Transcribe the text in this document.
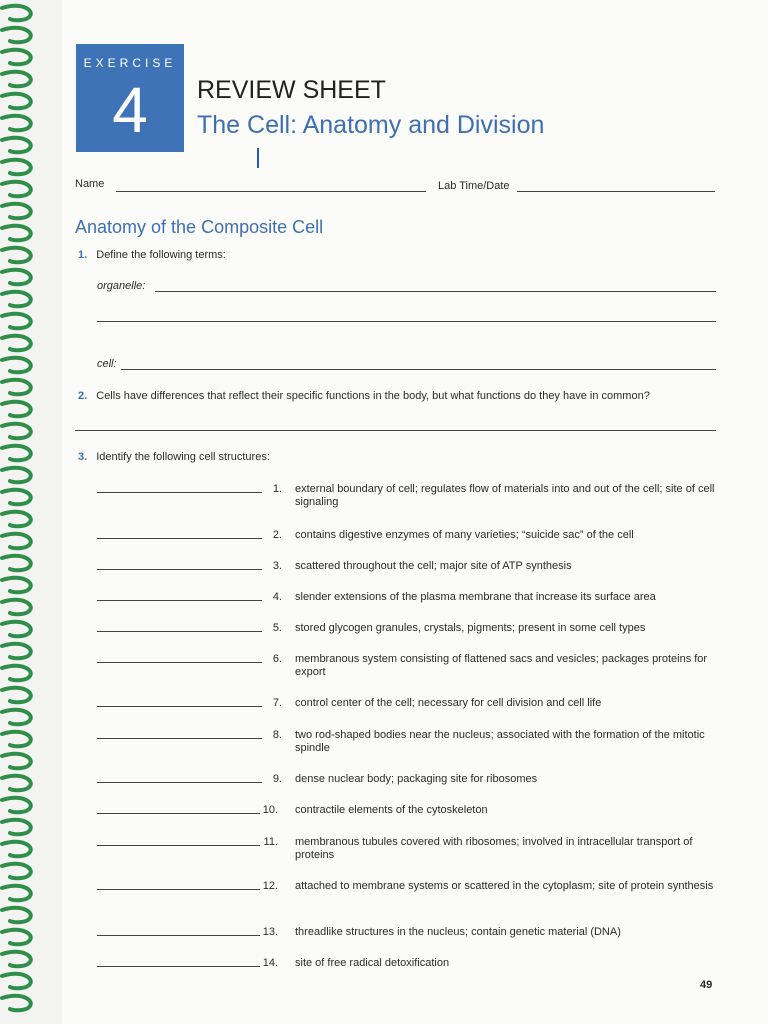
EXERCISE
4	REVIEW SHEET
The Cell: Anatomy and Division
Name	Lab Time/Date
Anatomy of the Composite Cell
1. Define the following terms:
organelle:
cell:
2. Cells have differences that reflect their specific functions in the body, but what functions do they have in common?
3. Identify the following cell structures:
1. external boundary of cell; regulates flow of materials into and out of the cell; site of cell signaling
2. contains digestive enzymes of many varieties; “suicide sac” of the cell
3. scattered throughout the cell; major site of ATP synthesis
4. slender extensions of the plasma membrane that increase its surface area
5. stored glycogen granules, crystals, pigments; present in some cell types
6. membranous system consisting of flattened sacs and vesicles; packages proteins for export
7. control center of the cell; necessary for cell division and cell life
8. two rod-shaped bodies near the nucleus; associated with the formation of the mitotic spindle
9. dense nuclear body; packaging site for ribosomes
10. contractile elements of the cytoskeleton
11. membranous tubules covered with ribosomes; involved in intracellular transport of proteins
12. attached to membrane systems or scattered in the cytoplasm; site of protein synthesis
13. threadlike structures in the nucleus; contain genetic material (DNA)
14. site of free radical detoxification
49
